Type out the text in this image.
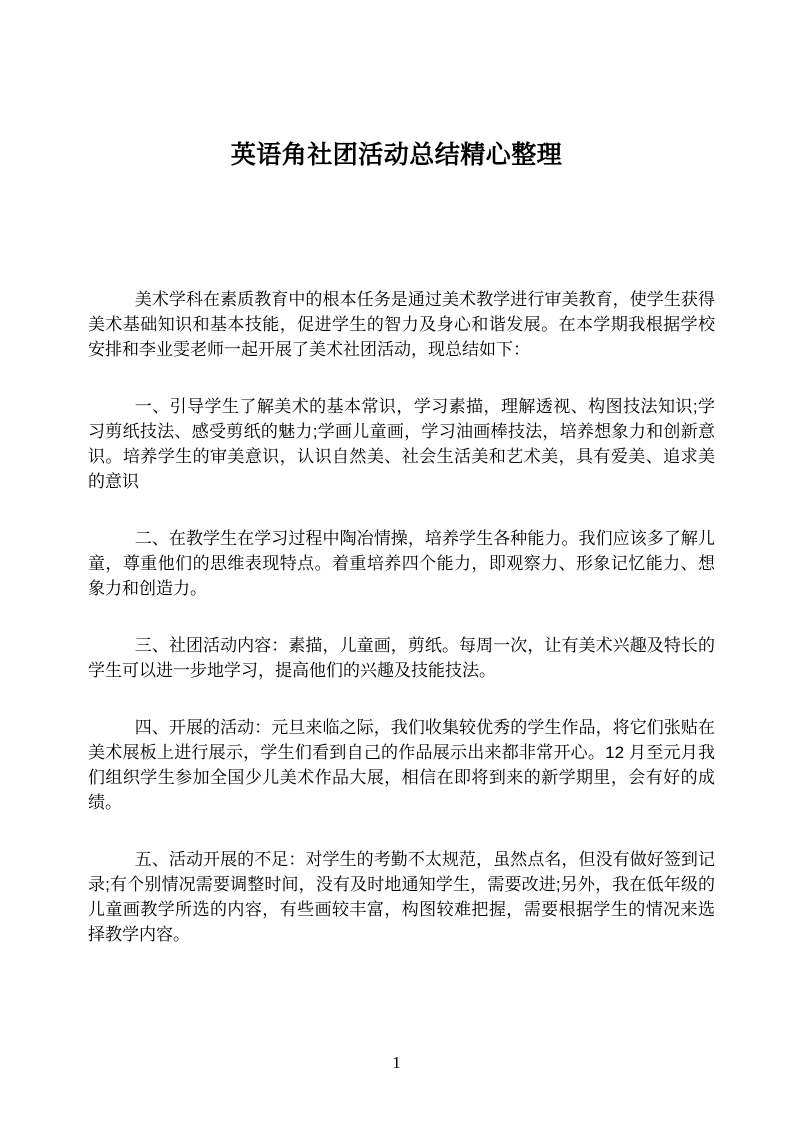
英语角社团活动总结精心整理

美术学科在素质教育中的根本任务是通过美术教学进行审美教育，使学生获得美术基础知识和基本技能，促进学生的智力及身心和谐发展。在本学期我根据学校安排和李业雯老师一起开展了美术社团活动，现总结如下：

一、引导学生了解美术的基本常识，学习素描，理解透视、构图技法知识;学习剪纸技法、感受剪纸的魅力;学画儿童画，学习油画棒技法，培养想象力和创新意识。培养学生的审美意识，认识自然美、社会生活美和艺术美，具有爱美、追求美的意识

二、在教学生在学习过程中陶冶情操，培养学生各种能力。我们应该多了解儿童，尊重他们的思维表现特点。着重培养四个能力，即观察力、形象记忆能力、想象力和创造力。

三、社团活动内容：素描，儿童画，剪纸。每周一次，让有美术兴趣及特长的学生可以进一步地学习，提高他们的兴趣及技能技法。

四、开展的活动：元旦来临之际，我们收集较优秀的学生作品，将它们张贴在美术展板上进行展示，学生们看到自己的作品展示出来都非常开心。12 月至元月我们组织学生参加全国少儿美术作品大展，相信在即将到来的新学期里，会有好的成绩。

五、活动开展的不足：对学生的考勤不太规范，虽然点名，但没有做好签到记录;有个别情况需要调整时间，没有及时地通知学生，需要改进;另外，我在低年级的儿童画教学所选的内容，有些画较丰富，构图较难把握，需要根据学生的情况来选择教学内容。

1
